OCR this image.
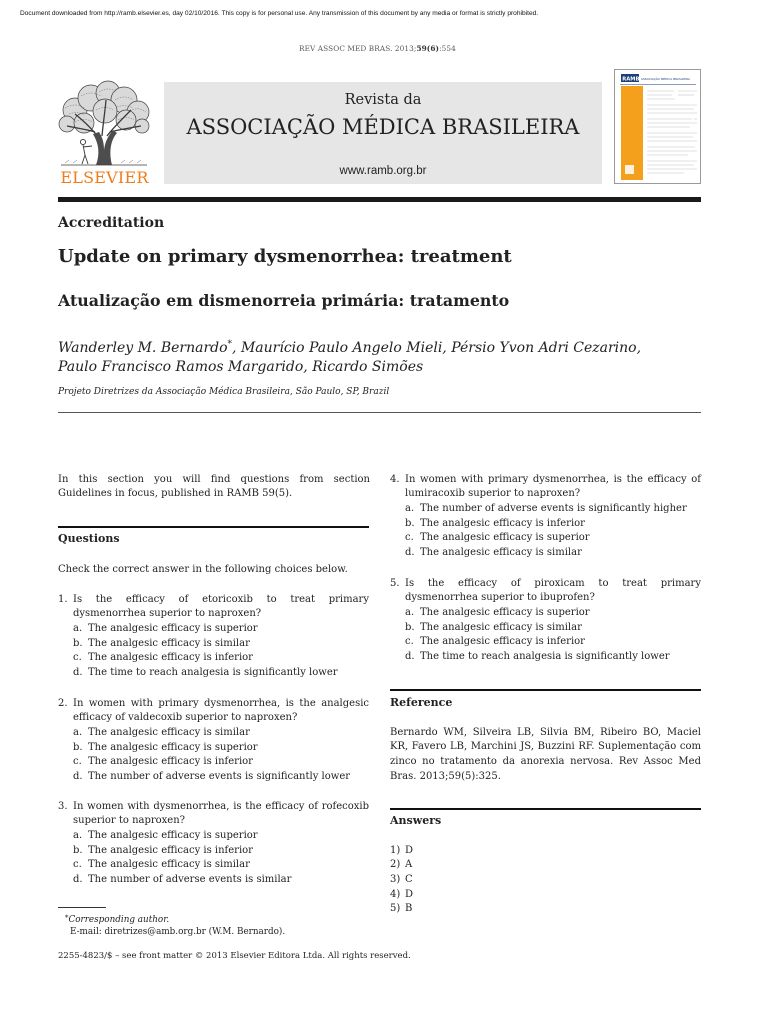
Document downloaded from http://ramb.elsevier.es, day 02/10/2016. This copy is for personal use. Any transmission of this document by any media or format is strictly prohibited.
REV ASSOC MED BRAS. 2013;59(6):554
ELSEVIER
Revista da
ASSOCIAÇÃO MÉDICA BRASILEIRA
www.ramb.org.br
RAMB ASSOCIAÇÃO MÉDICA BRASILEIRA
Accreditation
Update on primary dysmenorrhea: treatment
Atualização em dismenorreia primária: tratamento
Wanderley M. Bernardo*, Maurício Paulo Angelo Mieli, Pérsio Yvon Adri Cezarino,
Paulo Francisco Ramos Margarido, Ricardo Simões
Projeto Diretrizes da Associação Médica Brasileira, São Paulo, SP, Brazil
In this section you will find questions from section Guidelines in focus, published in RAMB 59(5).
Questions
Check the correct answer in the following choices below.
1. Is the efficacy of etoricoxib to treat primary dysmenorrhea superior to naproxen?
a. The analgesic efficacy is superior
b. The analgesic efficacy is similar
c. The analgesic efficacy is inferior
d. The time to reach analgesia is significantly lower
2. In women with primary dysmenorrhea, is the analgesic efficacy of valdecoxib superior to naproxen?
a. The analgesic efficacy is similar
b. The analgesic efficacy is superior
c. The analgesic efficacy is inferior
d. The number of adverse events is significantly lower
3. In women with dysmenorrhea, is the efficacy of rofecoxib superior to naproxen?
a. The analgesic efficacy is superior
b. The analgesic efficacy is inferior
c. The analgesic efficacy is similar
d. The number of adverse events is similar
*Corresponding author.
E-mail: diretrizes@amb.org.br (W.M. Bernardo).
2255-4823/$ – see front matter © 2013 Elsevier Editora Ltda. All rights reserved.
4. In women with primary dysmenorrhea, is the efficacy of lumiracoxib superior to naproxen?
a. The number of adverse events is significantly higher
b. The analgesic efficacy is inferior
c. The analgesic efficacy is superior
d. The analgesic efficacy is similar
5. Is the efficacy of piroxicam to treat primary dysmenorrhea superior to ibuprofen?
a. The analgesic efficacy is superior
b. The analgesic efficacy is similar
c. The analgesic efficacy is inferior
d. The time to reach analgesia is significantly lower
Reference
Bernardo WM, Silveira LB, Silvia BM, Ribeiro BO, Maciel KR, Favero LB, Marchini JS, Buzzini RF. Suplementação com zinco no tratamento da anorexia nervosa. Rev Assoc Med Bras. 2013;59(5):325.
Answers
1) D
2) A
3) C
4) D
5) B
